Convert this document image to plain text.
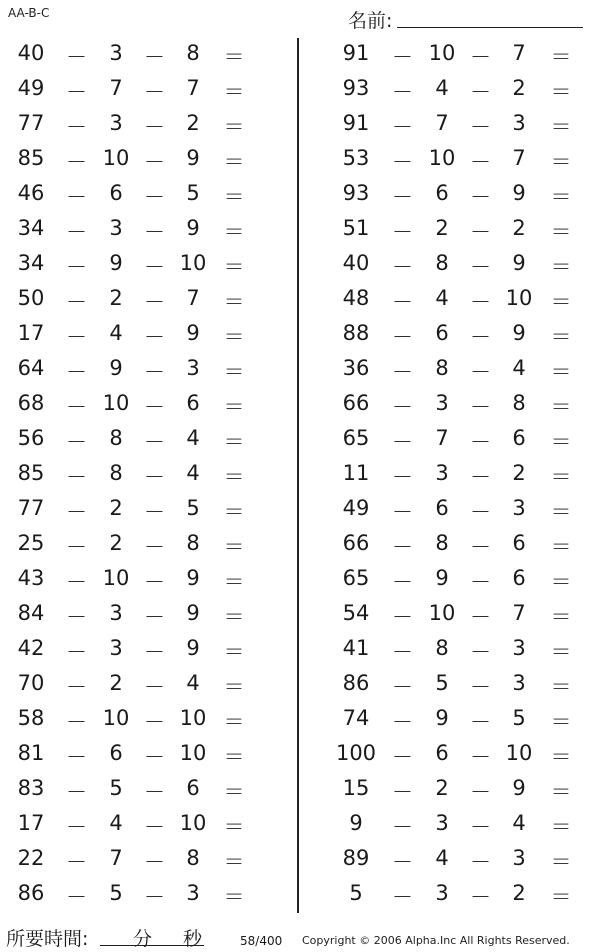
AA-B-C	名前:
40	－	3	－	8	＝	91	－ 10 －	7	＝
49	－	7	－	7	＝	93	－	4	－	2	＝
77	－	3	－	2	＝	91	－	7	－	3	＝
85	－ 10 －	9	＝	53	－ 10 －	7	＝
46	－	6	－	5	＝	93	－	6	－	9	＝
34	－	3	－	9	＝	51	－	2	－	2	＝
34	－	9	－ 10 ＝	40	－	8	－	9	＝
50	－	2	－	7	＝	48	－	4	－ 10 ＝
17	－	4	－	9	＝	88	－	6	－	9	＝
64	－	9	－	3	＝	36	－	8	－	4	＝
68	－ 10 －	6	＝	66	－	3	－	8	＝
56	－	8	－	4	＝	65	－	7	－	6	＝
85	－	8	－	4	＝	11	－	3	－	2	＝
77	－	2	－	5	＝	49	－	6	－	3	＝
25	－	2	－	8	＝	66	－	8	－	6	＝
43	－ 10 －	9	＝	65	－	9	－	6	＝
84	－	3	－	9	＝	54	－ 10 －	7	＝
42	－	3	－	9	＝	41	－	8	－	3	＝
70	－	2	－	4	＝	86	－	5	－	3	＝
58	－ 10 － 10 ＝	74	－	9	－	5	＝
81	－	6	－ 10 ＝	100 －	6	－ 10 ＝
83	－	5	－	6	＝	15	－	2	－	9	＝
17	－	4	－ 10 ＝	9	－	3	－	4	＝
22	－	7	－	8	＝	89	－	4	－	3	＝
86	－	5	－	3	＝	5	－	3	－	2	＝
所要時間: 分 秒	58/400 Copyright © 2006 Alpha.Inc All Rights Reserved.
